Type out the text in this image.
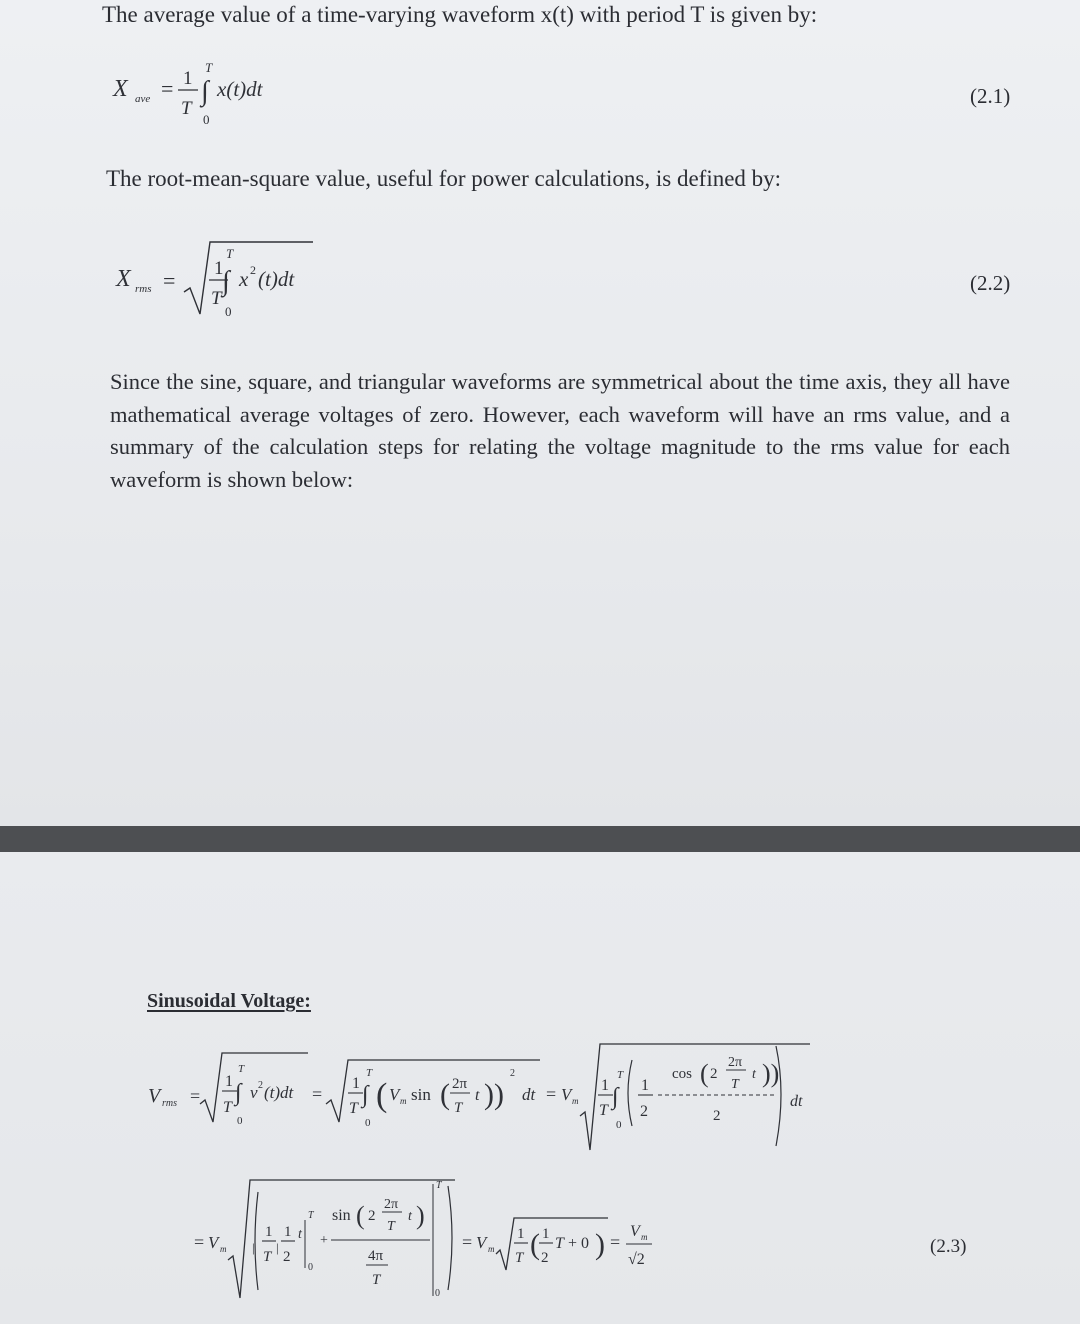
The average value of a time-varying waveform x(t) with period T is given by:
X ave = 1
T
T
∫
0
x(t)dt	(2.1)
The root-mean-square value, useful for power calculations, is defined by:
X rms = 1
T
T
∫
0
x 2 (t)dt	(2.2)
Since the sine, square, and triangular waveforms are symmetrical about the time axis, they all have mathematical average voltages of zero. However, each waveform will have an rms value, and a summary of the calculation steps for relating the voltage magnitude to the rms value for each waveform is shown below:
Sinusoidal Voltage:
V rms =
1
T
T
∫
0
v 2 (t)dt =
1
T
T
∫
0
( V m sin ( 2π
T
t ))
2
dt = V m
1
T
T
∫
0
1
2
cos ( 2
2π
T
t ))
2
dt
= V m |
1
T
|
1
2
t
T
0
+
sin ( 2
2π
T
t )
4π
T
T
0
= V m
1
T ( 1
2
T + 0 ) =
V m
√2
(2.3)
